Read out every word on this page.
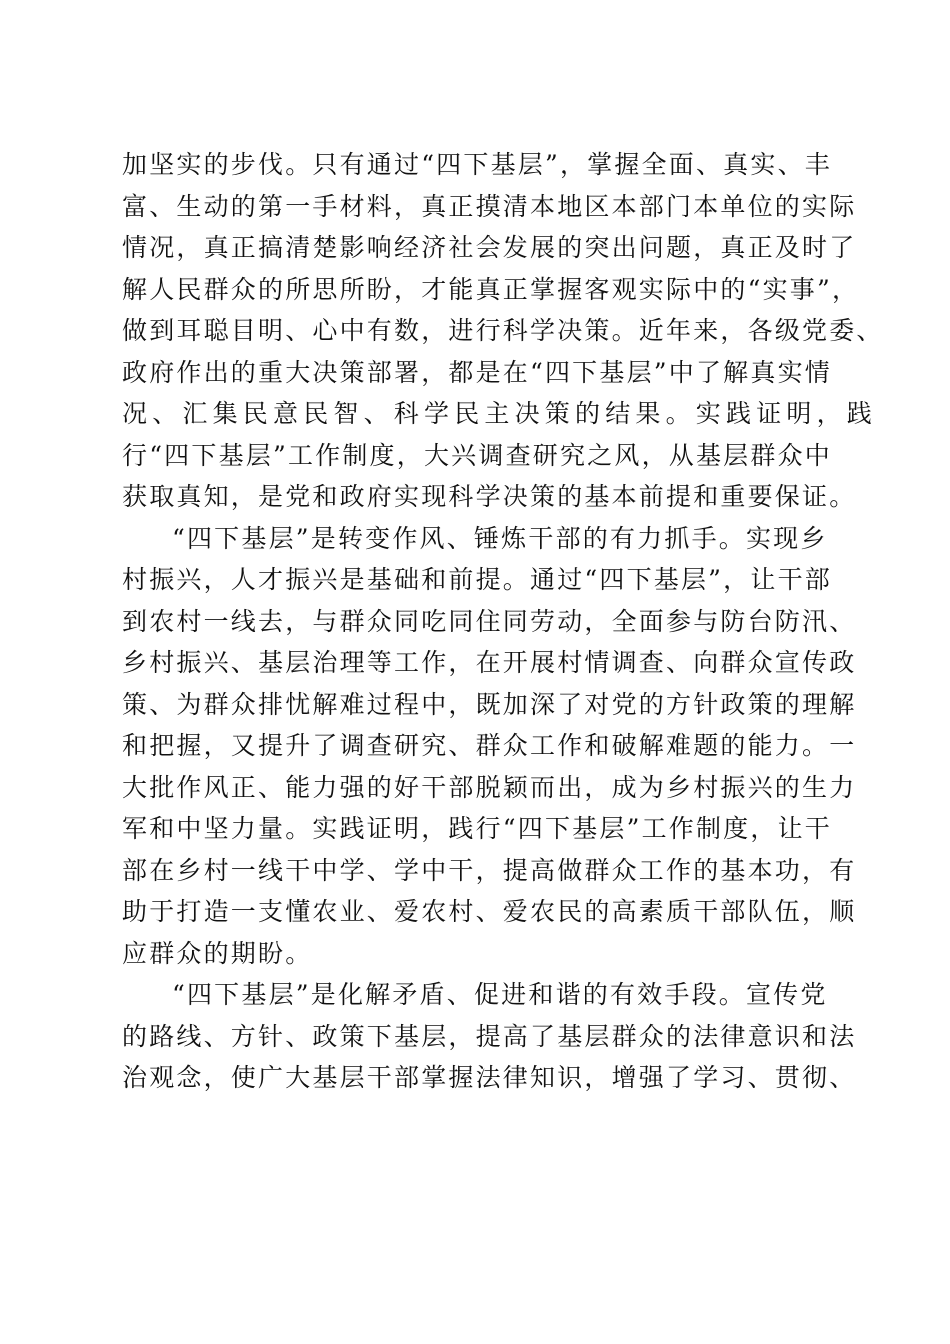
加坚实的步伐。只有通过“四下基层”，掌握全面、真实、丰
富、生动的第一手材料，真正摸清本地区本部门本单位的实际
情况，真正搞清楚影响经济社会发展的突出问题，真正及时了
解人民群众的所思所盼，才能真正掌握客观实际中的“实事”，
做到耳聪目明、心中有数，进行科学决策。近年来，各级党委、
政府作出的重大决策部署，都是在“四下基层”中了解真实情
况、汇集民意民智、科学民主决策的结果。实践证明，践
行“四下基层”工作制度，大兴调查研究之风，从基层群众中
获取真知，是党和政府实现科学决策的基本前提和重要保证。
“四下基层”是转变作风、锤炼干部的有力抓手。实现乡
村振兴，人才振兴是基础和前提。通过“四下基层”，让干部
到农村一线去，与群众同吃同住同劳动，全面参与防台防汛、
乡村振兴、基层治理等工作，在开展村情调查、向群众宣传政
策、为群众排忧解难过程中，既加深了对党的方针政策的理解
和把握，又提升了调查研究、群众工作和破解难题的能力。一
大批作风正、能力强的好干部脱颖而出，成为乡村振兴的生力
军和中坚力量。实践证明，践行“四下基层”工作制度，让干
部在乡村一线干中学、学中干，提高做群众工作的基本功，有
助于打造一支懂农业、爱农村、爱农民的高素质干部队伍，顺
应群众的期盼。
“四下基层”是化解矛盾、促进和谐的有效手段。宣传党
的路线、方针、政策下基层，提高了基层群众的法律意识和法
治观念，使广大基层干部掌握法律知识，增强了学习、贯彻、
